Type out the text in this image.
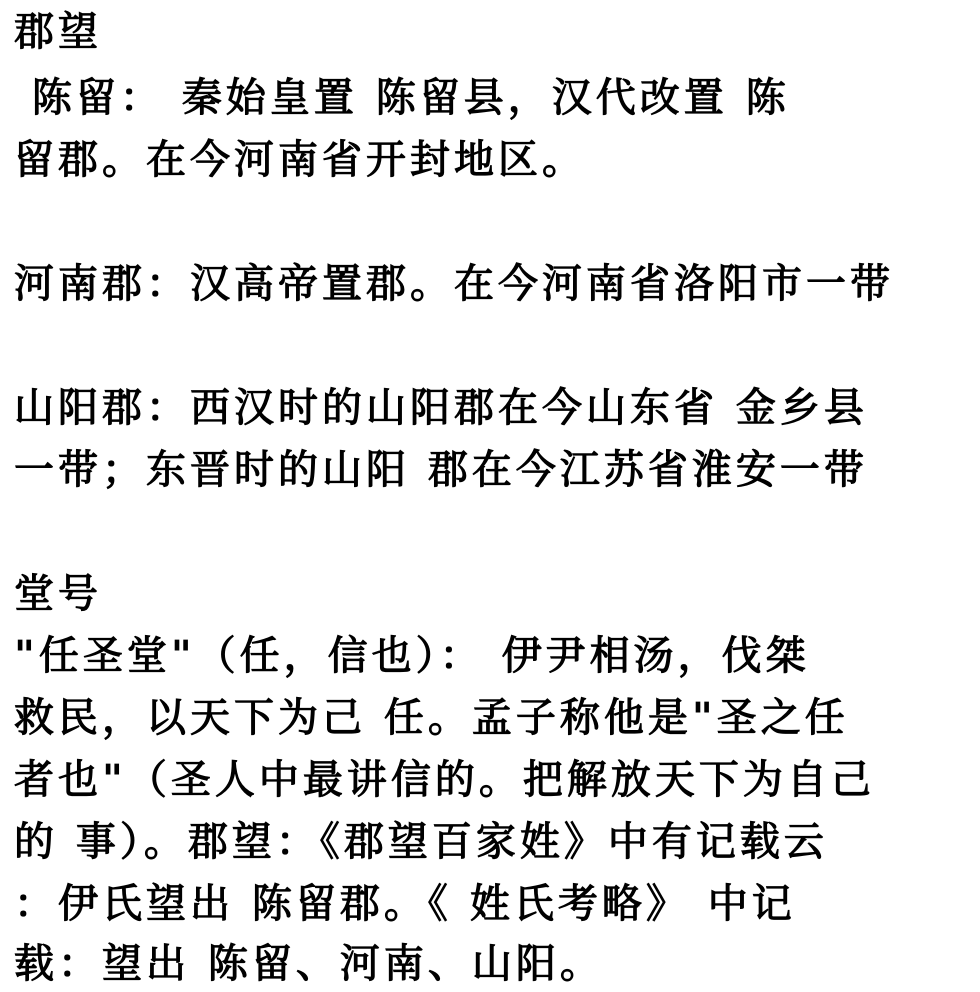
郡望
陈留： 秦始皇置 陈留县，汉代改置 陈
留郡。在今河南省开封地区。
河南郡：汉高帝置郡。在今河南省洛阳市一带
山阳郡：西汉时的山阳郡在今山东省 金乡县
一带；东晋时的山阳 郡在今江苏省淮安一带
堂号
"任圣堂"（任，信也）： 伊尹相汤，伐桀
救民，以天下为己 任。孟子称他是"圣之任
者也"（圣人中最讲信的。把解放天下为自己
的 事）。郡望：《郡望百家姓》中有记载云
：伊氏望出 陈留郡。《 姓氏考略》 中记
载：望出 陈留、河南、山阳。
